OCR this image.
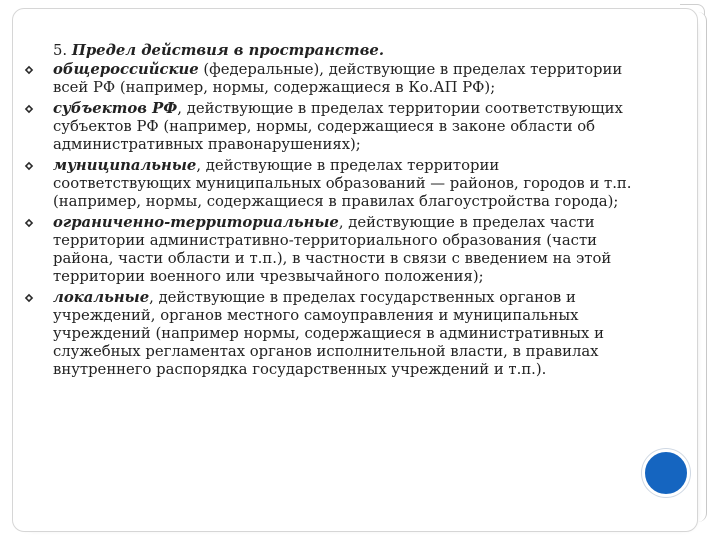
5. Предел действия в пространстве.
общероссийские (федеральные), действующие в пределах территории всей РФ (например, нормы, содержащиеся в Ко.АП РФ);
субъектов РФ, действующие в пределах территории соответствующих субъектов РФ (например, нормы, содержащиеся в законе области об административных правонарушениях);
муниципальные, действующие в пределах территории соответствующих муниципальных образований — районов, городов и т.п. (например, нормы, содержащиеся в правилах благоустройства города);
ограниченно-территориальные, действующие в пределах части территории административно-территориального образования (части района, части области и т.п.), в частности в связи с введением на этой территории военного или чрезвычайного положения);
локальные, действующие в пределах государственных органов и учреждений, органов местного самоуправления и муниципальных учреждений (например нормы, содержащиеся в административных и служебных регламентах органов исполнительной власти, в правилах внутреннего распорядка государственных учреждений и т.п.).
